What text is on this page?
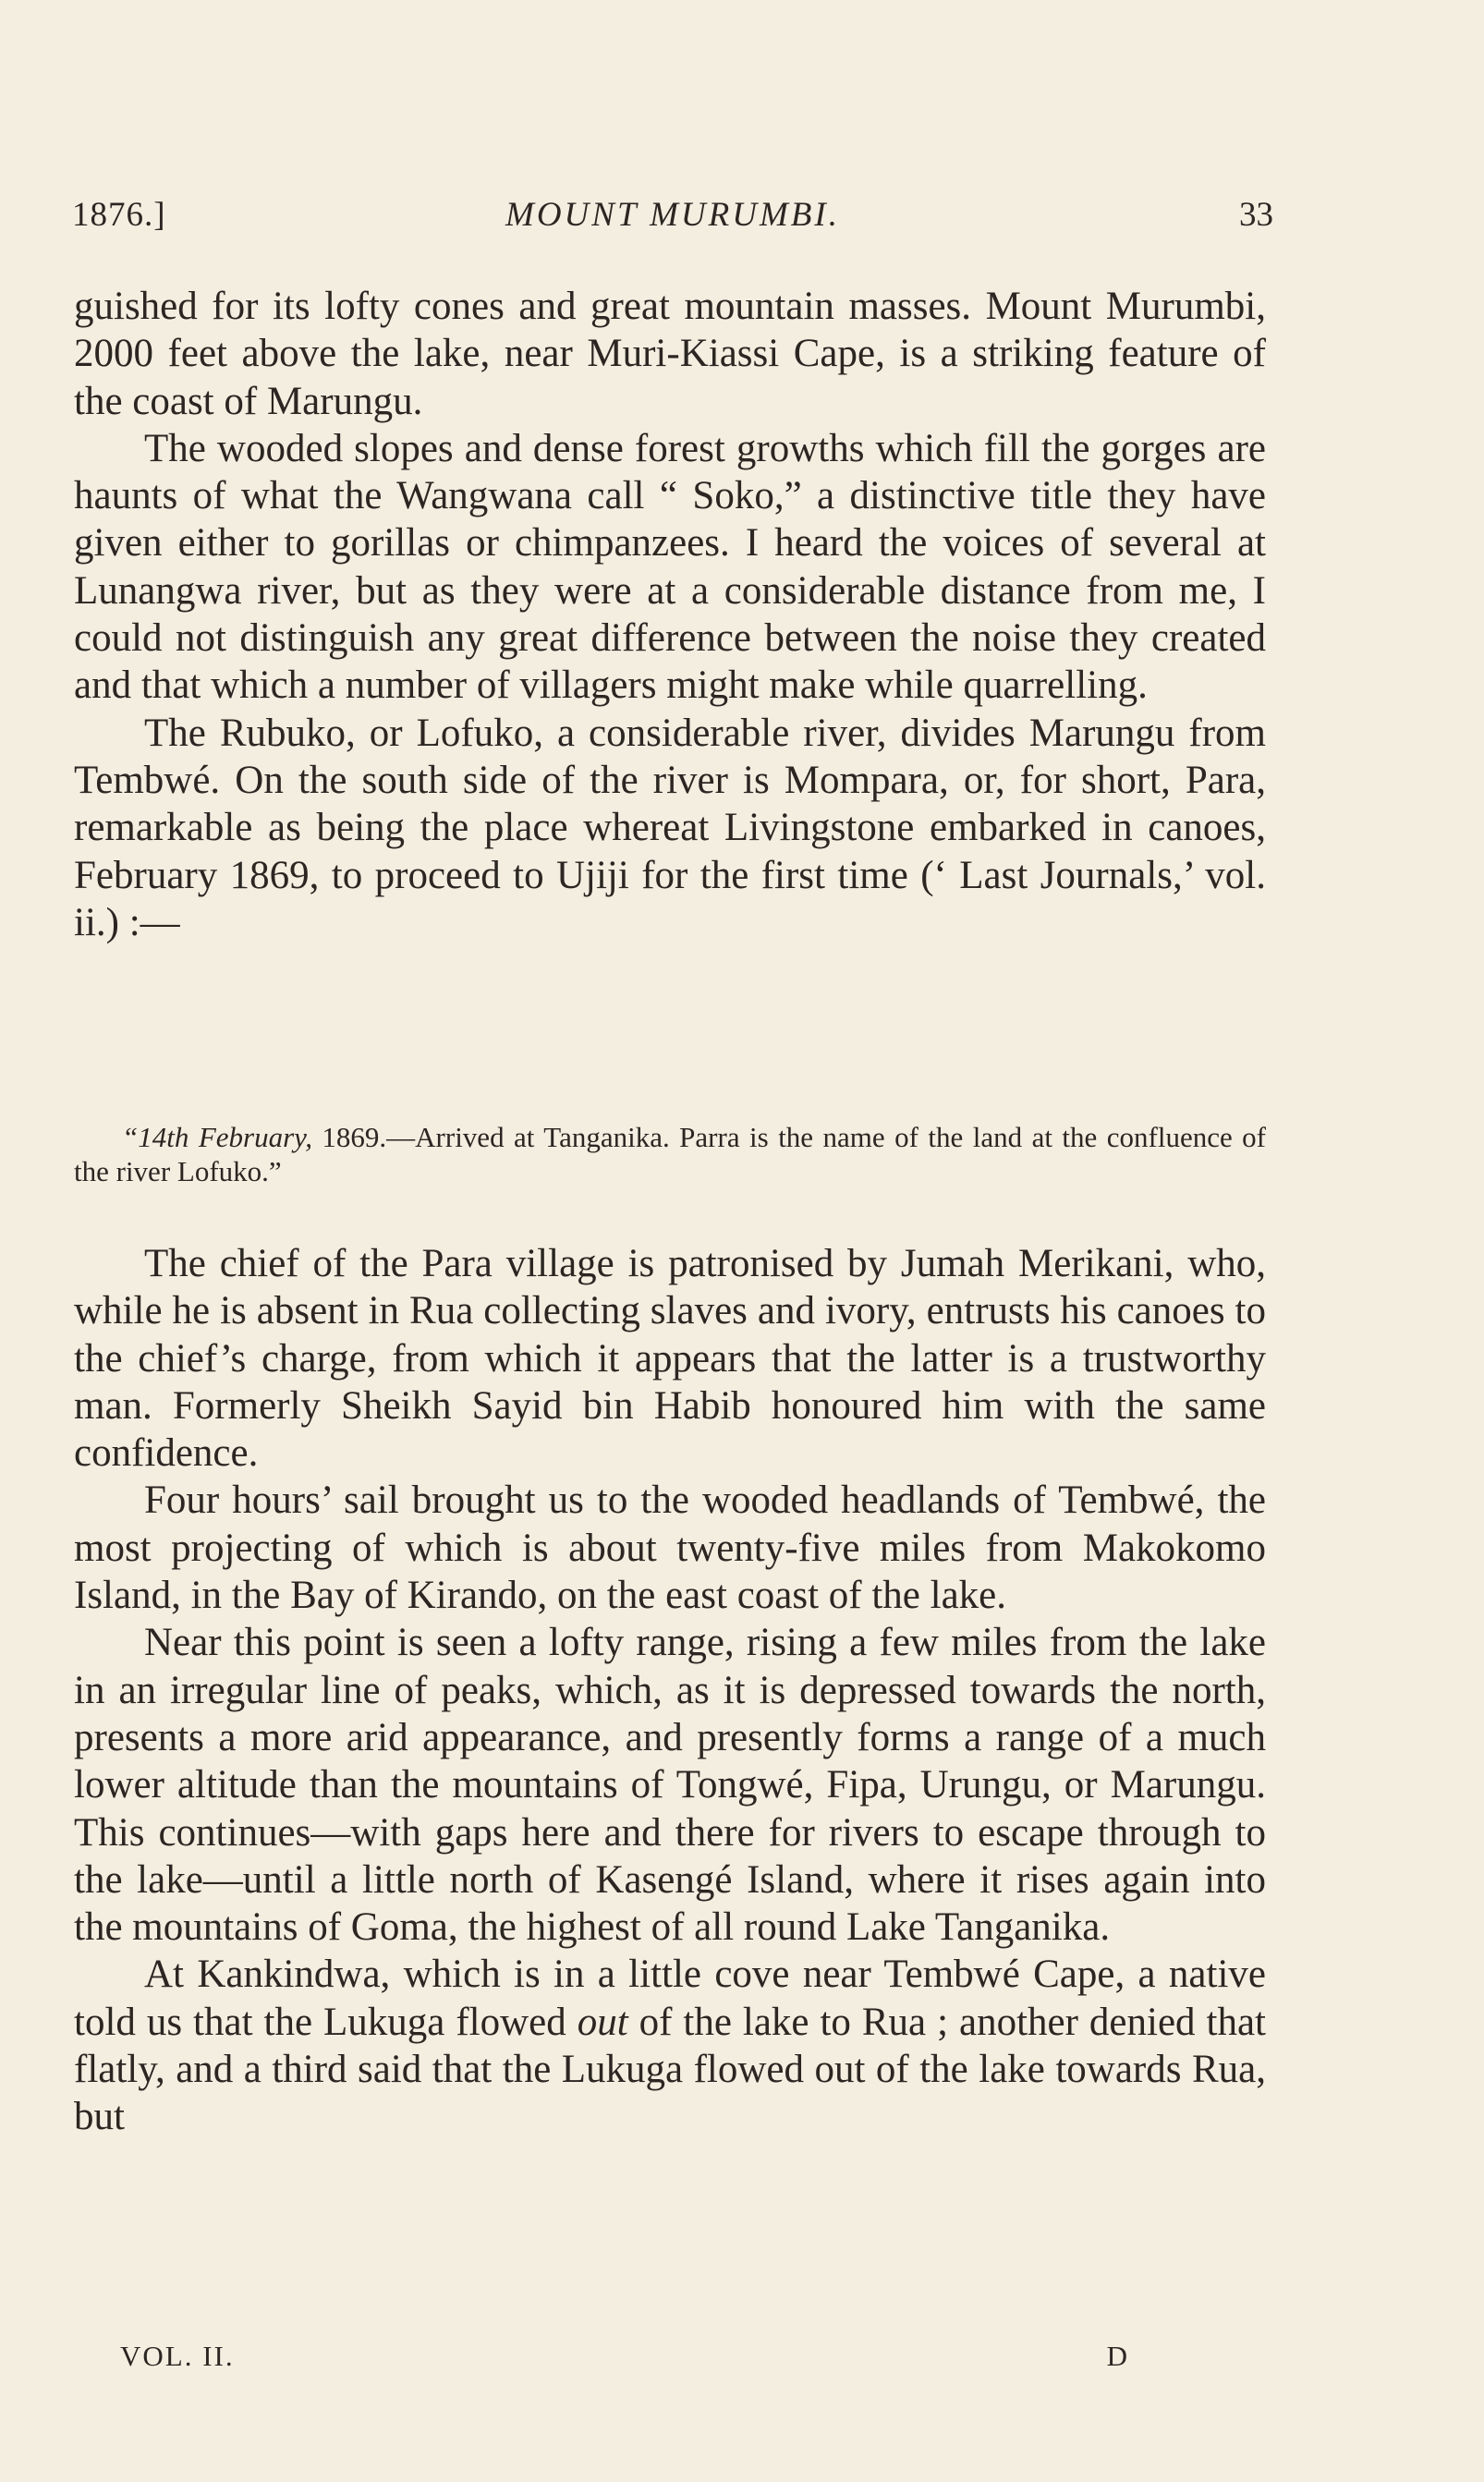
1876.]	MOUNT MURUMBI.	33

guished for its lofty cones and great mountain masses. Mount Murumbi, 2000 feet above the lake, near Muri-Kiassi Cape, is a striking feature of the coast of Marungu.

The wooded slopes and dense forest growths which fill the gorges are haunts of what the Wangwana call “ Soko,” a distinctive title they have given either to gorillas or chimpanzees. I heard the voices of several at Lunangwa river, but as they were at a considerable distance from me, I could not distinguish any great difference between the noise they created and that which a number of villagers might make while quarrelling.

The Rubuko, or Lofuko, a considerable river, divides Marungu from Tembwé. On the south side of the river is Mompara, or, for short, Para, remarkable as being the place whereat Livingstone embarked in canoes, February 1869, to proceed to Ujiji for the first time (‘ Last Journals,’ vol. ii.) :—

“14th February, 1869.—Arrived at Tanganika. Parra is the name of the land at the confluence of the river Lofuko.”

The chief of the Para village is patronised by Jumah Merikani, who, while he is absent in Rua collecting slaves and ivory, entrusts his canoes to the chief’s charge, from which it appears that the latter is a trustworthy man. Formerly Sheikh Sayid bin Habib honoured him with the same confidence.

Four hours’ sail brought us to the wooded headlands of Tembwé, the most projecting of which is about twenty-five miles from Makokomo Island, in the Bay of Kirando, on the east coast of the lake.

Near this point is seen a lofty range, rising a few miles from the lake in an irregular line of peaks, which, as it is depressed towards the north, presents a more arid appearance, and presently forms a range of a much lower altitude than the mountains of Tongwé, Fipa, Urungu, or Marungu. This continues—with gaps here and there for rivers to escape through to the lake—until a little north of Kasengé Island, where it rises again into the mountains of Goma, the highest of all round Lake Tanganika.

At Kankindwa, which is in a little cove near Tembwé Cape, a native told us that the Lukuga flowed out of the lake to Rua ; another denied that flatly, and a third said that the Lukuga flowed out of the lake towards Rua, but

VOL. II.	D
